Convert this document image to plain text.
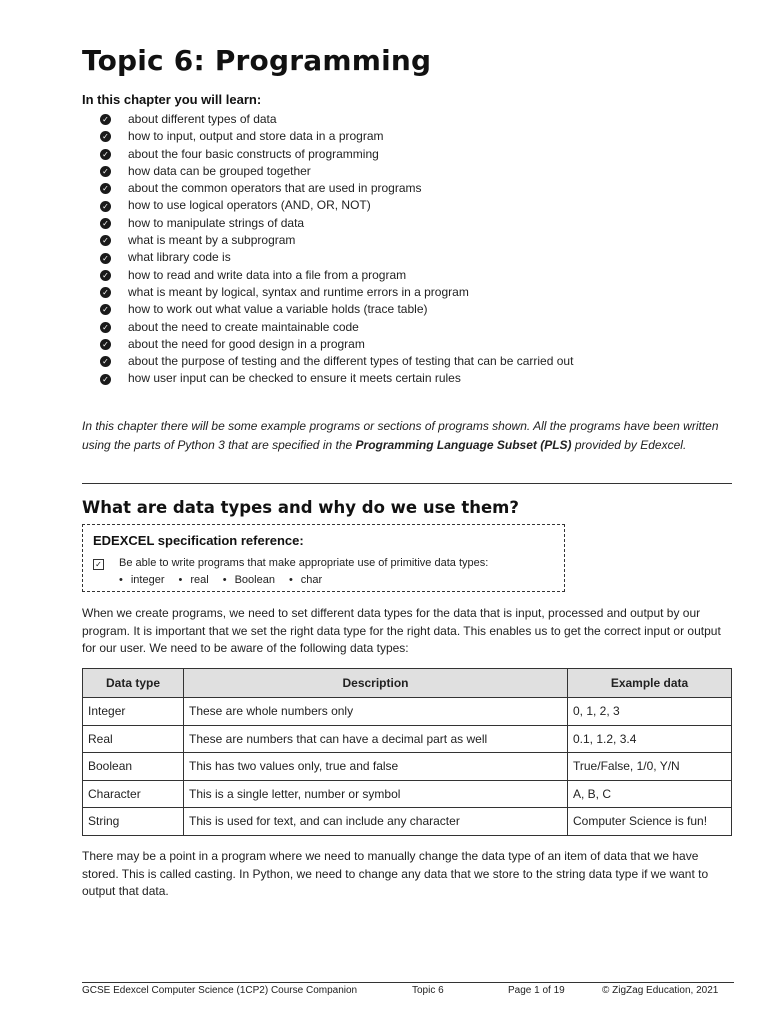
Topic 6: Programming
In this chapter you will learn:
✓ about different types of data
✓ how to input, output and store data in a program
✓ about the four basic constructs of programming
✓ how data can be grouped together
✓ about the common operators that are used in programs
✓ how to use logical operators (AND, OR, NOT)
✓ how to manipulate strings of data
✓ what is meant by a subprogram
✓ what library code is
✓ how to read and write data into a file from a program
✓ what is meant by logical, syntax and runtime errors in a program
✓ how to work out what value a variable holds (trace table)
✓ about the need to create maintainable code
✓ about the need for good design in a program
✓ about the purpose of testing and the different types of testing that can be carried out
✓ how user input can be checked to ensure it meets certain rules

In this chapter there will be some example programs or sections of programs shown. All the programs have been written using the parts of Python 3 that are specified in the Programming Language Subset (PLS) provided by Edexcel.

What are data types and why do we use them?
EDEXCEL specification reference:
✓ Be able to write programs that make appropriate use of primitive data types:
• integer	• real	• Boolean	• char

When we create programs, we need to set different data types for the data that is input, processed and output by our program. It is important that we set the right data type for the right data. This enables us to get the correct input or output for our user. We need to be aware of the following data types:

Data type	Description	Example data
Integer	These are whole numbers only	0, 1, 2, 3
Real	These are numbers that can have a decimal part as well	0.1, 1.2, 3.4
Boolean	This has two values only, true and false	True/False, 1/0, Y/N
Character	This is a single letter, number or symbol	A, B, C
String	This is used for text, and can include any character	Computer Science is fun!

There may be a point in a program where we need to manually change the data type of an item of data that we have stored. This is called casting. In Python, we need to change any data that we store to the string data type if we want to output that data.

GCSE Edexcel Computer Science (1CP2) Course Companion	Topic 6	Page 1 of 19	© ZigZag Education, 2021
